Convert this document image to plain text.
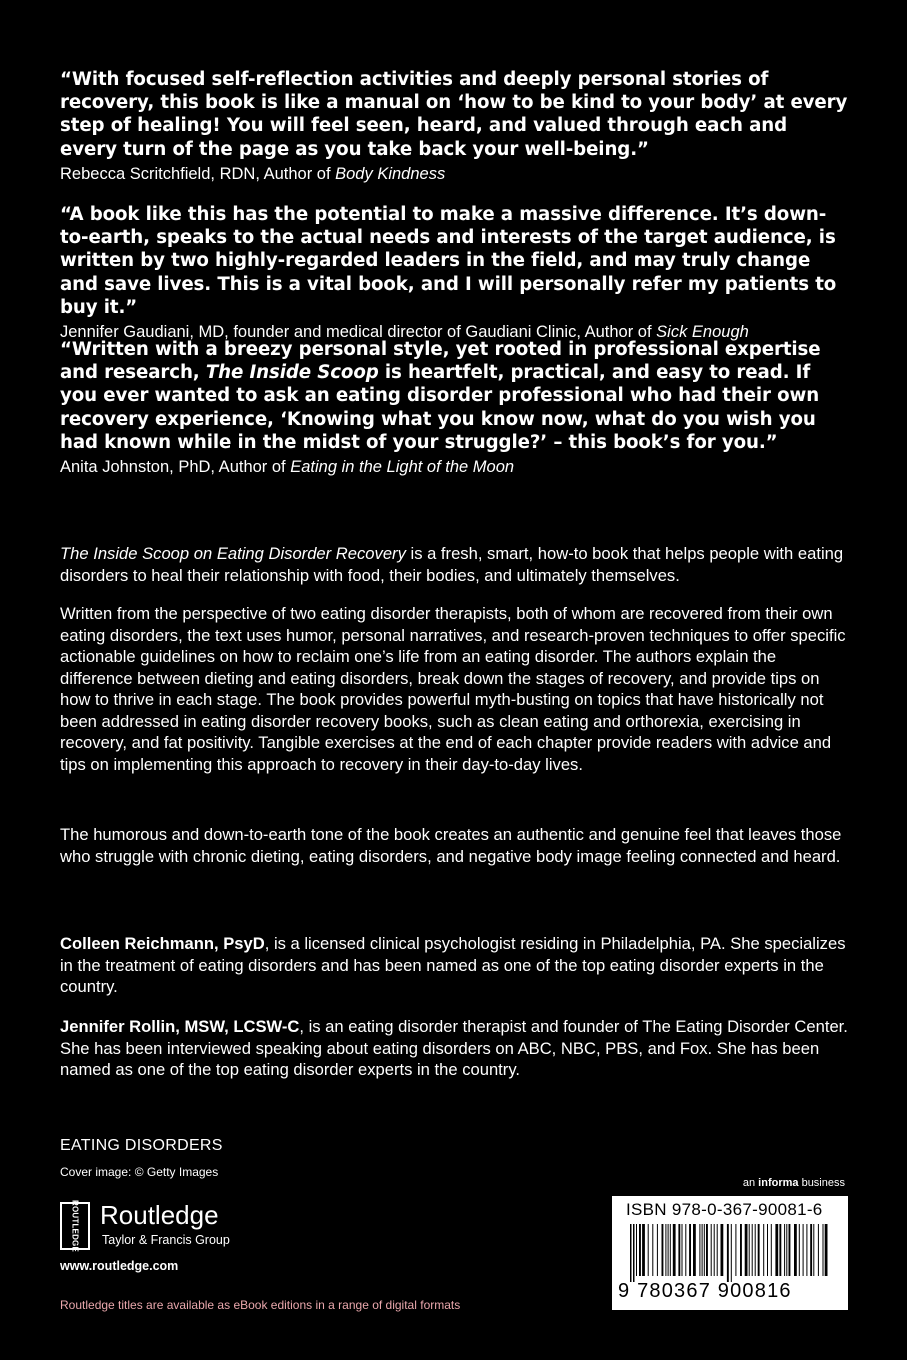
“With focused self-reflection activities and deeply personal stories of recovery, this book is like a manual on ‘how to be kind to your body’ at every step of healing! You will feel seen, heard, and valued through each and every turn of the page as you take back your well-being.”

Rebecca Scritchfield, RDN, Author of Body Kindness

“A book like this has the potential to make a massive difference. It’s down-to-earth, speaks to the actual needs and interests of the target audience, is written by two highly-regarded leaders in the field, and may truly change and save lives. This is a vital book, and I will personally refer my patients to buy it.”

Jennifer Gaudiani, MD, founder and medical director of Gaudiani Clinic, Author of Sick Enough

“Written with a breezy personal style, yet rooted in professional expertise and research, The Inside Scoop is heartfelt, practical, and easy to read. If you ever wanted to ask an eating disorder professional who had their own recovery experience, ‘Knowing what you know now, what do you wish you had known while in the midst of your struggle?’ – this book’s for you.”

Anita Johnston, PhD, Author of Eating in the Light of the Moon

The Inside Scoop on Eating Disorder Recovery is a fresh, smart, how-to book that helps people with eating disorders to heal their relationship with food, their bodies, and ultimately themselves.

Written from the perspective of two eating disorder therapists, both of whom are recovered from their own eating disorders, the text uses humor, personal narratives, and research-proven techniques to offer specific actionable guidelines on how to reclaim one’s life from an eating disorder. The authors explain the difference between dieting and eating disorders, break down the stages of recovery, and provide tips on how to thrive in each stage. The book provides powerful myth-busting on topics that have historically not been addressed in eating disorder recovery books, such as clean eating and orthorexia, exercising in recovery, and fat positivity. Tangible exercises at the end of each chapter provide readers with advice and tips on implementing this approach to recovery in their day-to-day lives.

The humorous and down-to-earth tone of the book creates an authentic and genuine feel that leaves those who struggle with chronic dieting, eating disorders, and negative body image feeling connected and heard.

Colleen Reichmann, PsyD, is a licensed clinical psychologist residing in Philadelphia, PA. She specializes in the treatment of eating disorders and has been named as one of the top eating disorder experts in the country.

Jennifer Rollin, MSW, LCSW-C, is an eating disorder therapist and founder of The Eating Disorder Center. She has been interviewed speaking about eating disorders on ABC, NBC, PBS, and Fox. She has been named as one of the top eating disorder experts in the country.

EATING DISORDERS
Cover image: © Getty Images
ROUTLEDGE Routledge
Taylor & Francis Group
www.routledge.com
Routledge titles are available as eBook editions in a range of digital formats
an informa business
ISBN 978-0-367-90081-6
9 780367 900816
